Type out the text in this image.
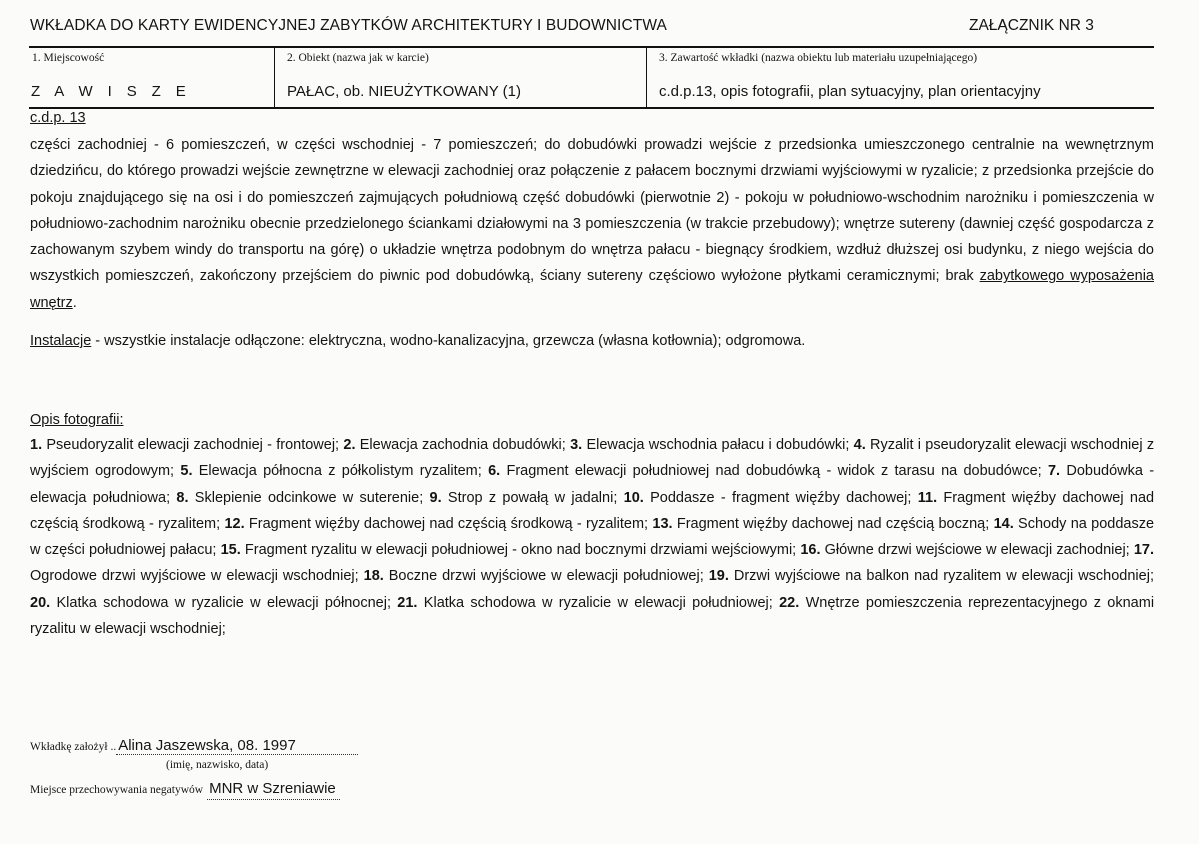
WKŁADKA DO KARTY EWIDENCYJNEJ ZABYTKÓW ARCHITEKTURY I BUDOWNICTWA	ZAŁĄCZNIK NR 3
1. Miejscowość
Z A W I S Z E
2. Obiekt (nazwa jak w karcie)
PAŁAC, ob. NIEUŻYTKOWANY (1)
3. Zawartość wkładki (nazwa obiektu lub materiału uzupełniającego)
c.d.p.13, opis fotografii, plan sytuacyjny, plan orientacyjny
c.d.p. 13

części zachodniej - 6 pomieszczeń, w części wschodniej - 7 pomieszczeń; do dobudówki prowadzi wejście z przedsionka umieszczonego centralnie na wewnętrznym dziedzińcu, do którego prowadzi wejście zewnętrzne w elewacji zachodniej oraz połączenie z pałacem bocznymi drzwiami wyjściowymi w ryzalicie; z przedsionka przejście do pokoju znajdującego się na osi i do pomieszczeń zajmujących południową część dobudówki (pierwotnie 2) - pokoju w południowo-wschodnim narożniku i pomieszczenia w południowo-zachodnim narożniku obecnie przedzielonego ściankami działowymi na 3 pomieszczenia (w trakcie przebudowy); wnętrze sutereny (dawniej część gospodarcza z zachowanym szybem windy do transportu na górę) o układzie wnętrza podobnym do wnętrza pałacu - biegnący środkiem, wzdłuż dłuższej osi budynku, z niego wejścia do wszystkich pomieszczeń, zakończony przejściem do piwnic pod dobudówką, ściany sutereny częściowo wyłożone płytkami ceramicznymi; brak zabytkowego wyposażenia wnętrz.

Instalacje - wszystkie instalacje odłączone: elektryczna, wodno-kanalizacyjna, grzewcza (własna kotłownia); odgromowa.

Opis fotografii:

1. Pseudoryzalit elewacji zachodniej - frontowej; 2. Elewacja zachodnia dobudówki; 3. Elewacja wschodnia pałacu i dobudówki; 4. Ryzalit i pseudoryzalit elewacji wschodniej z wyjściem ogrodowym; 5. Elewacja północna z półkolistym ryzalitem; 6. Fragment elewacji południowej nad dobudówką - widok z tarasu na dobudówce; 7. Dobudówka - elewacja południowa; 8. Sklepienie odcinkowe w suterenie; 9. Strop z powałą w jadalni; 10. Poddasze - fragment więźby dachowej; 11. Fragment więźby dachowej nad częścią środkową - ryzalitem; 12. Fragment więźby dachowej nad częścią środkową - ryzalitem; 13. Fragment więźby dachowej nad częścią boczną; 14. Schody na poddasze w części południowej pałacu; 15. Fragment ryzalitu w elewacji południowej - okno nad bocznymi drzwiami wejściowymi; 16. Główne drzwi wejściowe w elewacji zachodniej; 17. Ogrodowe drzwi wyjściowe w elewacji wschodniej; 18. Boczne drzwi wyjściowe w elewacji południowej; 19. Drzwi wyjściowe na balkon nad ryzalitem w elewacji wschodniej; 20. Klatka schodowa w ryzalicie w elewacji północnej; 21. Klatka schodowa w ryzalicie w elewacji południowej; 22. Wnętrze pomieszczenia reprezentacyjnego z oknami ryzalitu w elewacji wschodniej;

Wkładkę założył .. Alina Jaszewska, 08. 1997
(imię, nazwisko, data)
Miejsce przechowywania negatywów MNR w Szreniawie
